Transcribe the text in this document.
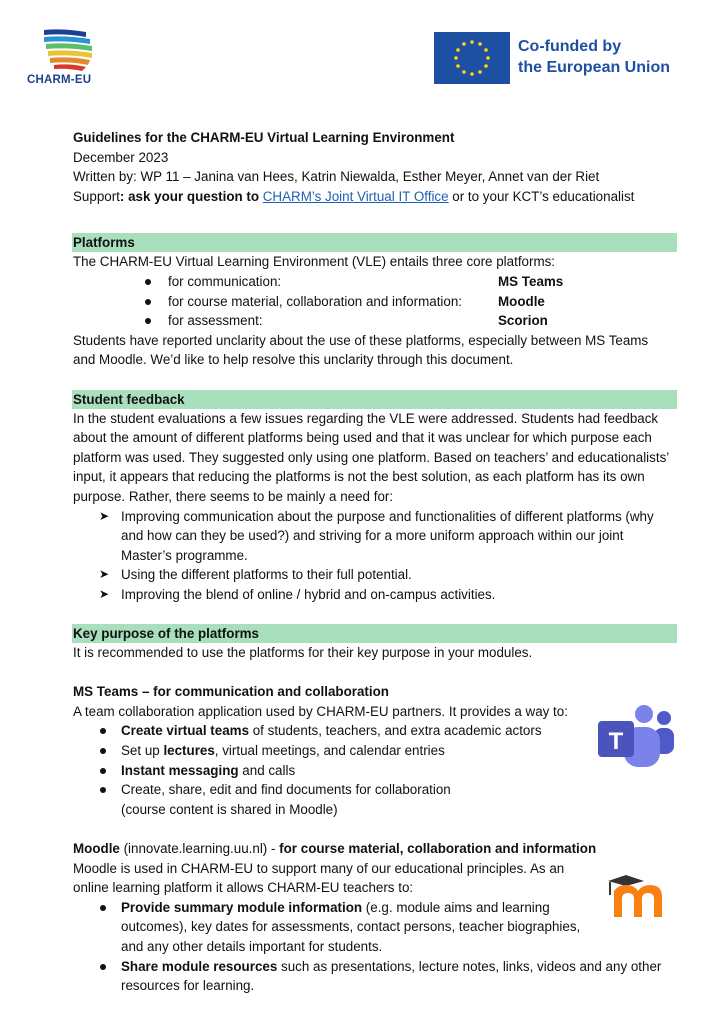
CHARM-EU
Co-funded by
the European Union
Guidelines for the CHARM-EU Virtual Learning Environment
December 2023
Written by: WP 11 – Janina van Hees, Katrin Niewalda, Esther Meyer, Annet van der Riet
Support: ask your question to CHARM’s Joint Virtual IT Office or to your KCT’s educationalist
Platforms
The CHARM-EU Virtual Learning Environment (VLE) entails three core platforms:
for communication:	MS Teams
for course material, collaboration and information:	Moodle
for assessment:	Scorion
Students have reported unclarity about the use of these platforms, especially between MS Teams
and Moodle. We’d like to help resolve this unclarity through this document.
Student feedback
In the student evaluations a few issues regarding the VLE were addressed. Students had feedback
about the amount of different platforms being used and that it was unclear for which purpose each
platform was used. They suggested only using one platform. Based on teachers’ and educationalists’
input, it appears that reducing the platforms is not the best solution, as each platform has its own
purpose. Rather, there seems to be mainly a need for:
➤ Improving communication about the purpose and functionalities of different platforms (why
and how can they be used?) and striving for a more uniform approach within our joint
Master’s programme.
➤ Using the different platforms to their full potential.
➤ Improving the blend of online / hybrid and on-campus activities.
Key purpose of the platforms
It is recommended to use the platforms for their key purpose in your modules.
MS Teams – for communication and collaboration
A team collaboration application used by CHARM-EU partners. It provides a way to:
Create virtual teams of students, teachers, and extra academic actors
Set up lectures, virtual meetings, and calendar entries
Instant messaging and calls
Create, share, edit and find documents for collaboration
(course content is shared in Moodle)
Moodle (innovate.learning.uu.nl) - for course material, collaboration and information
Moodle is used in CHARM-EU to support many of our educational principles. As an
online learning platform it allows CHARM-EU teachers to:
Provide summary module information (e.g. module aims and learning
outcomes), key dates for assessments, contact persons, teacher biographies,
and any other details important for students.
Share module resources such as presentations, lecture notes, links, videos and any other
resources for learning.
T
